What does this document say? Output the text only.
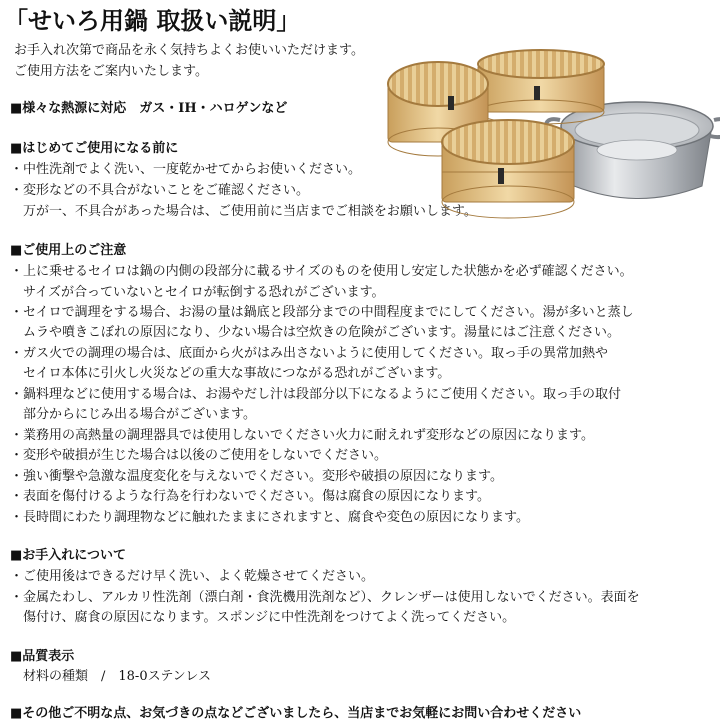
「せいろ用鍋 取扱い説明」
お手入れ次第で商品を永く気持ちよくお使いいただけます。
ご使用方法をご案内いたします。
■様々な熱源に対応　ガス・IH・ハロゲンなど
■はじめてご使用になる前に
・中性洗剤でよく洗い、一度乾かせてからお使いください。
・変形などの不具合がないことをご確認ください。
　万が一、不具合があった場合は、ご使用前に当店までご相談をお願いします。
■ご使用上のご注意
・上に乗せるセイロは鍋の内側の段部分に載るサイズのものを使用し安定した状態かを必ず確認ください。
　サイズが合っていないとセイロが転倒する恐れがございます。
・セイロで調理をする場合、お湯の量は鍋底と段部分までの中間程度までにしてください。湯が多いと蒸し
　ムラや噴きこぼれの原因になり、少ない場合は空炊きの危険がございます。湯量にはご注意ください。
・ガス火での調理の場合は、底面から火がはみ出さないように使用してください。取っ手の異常加熱や
　セイロ本体に引火し火災などの重大な事故につながる恐れがございます。
・鍋料理などに使用する場合は、お湯やだし汁は段部分以下になるようにご使用ください。取っ手の取付
　部分からにじみ出る場合がございます。
・業務用の高熱量の調理器具では使用しないでください火力に耐えれず変形などの原因になります。
・変形や破損が生じた場合は以後のご使用をしないでください。
・強い衝撃や急激な温度変化を与えないでください。変形や破損の原因になります。
・表面を傷付けるような行為を行わないでください。傷は腐食の原因になります。
・長時間にわたり調理物などに触れたままにされますと、腐食や変色の原因になります。
■お手入れについて
・ご使用後はできるだけ早く洗い、よく乾燥させてください。
・金属たわし、アルカリ性洗剤（漂白剤・食洗機用洗剤など）、クレンザーは使用しないでください。表面を
　傷付け、腐食の原因になります。スポンジに中性洗剤をつけてよく洗ってください。
■品質表示
　材料の種類　/　18-0ステンレス
■その他ご不明な点、お気づきの点などございましたら、当店までお気軽にお問い合わせください
